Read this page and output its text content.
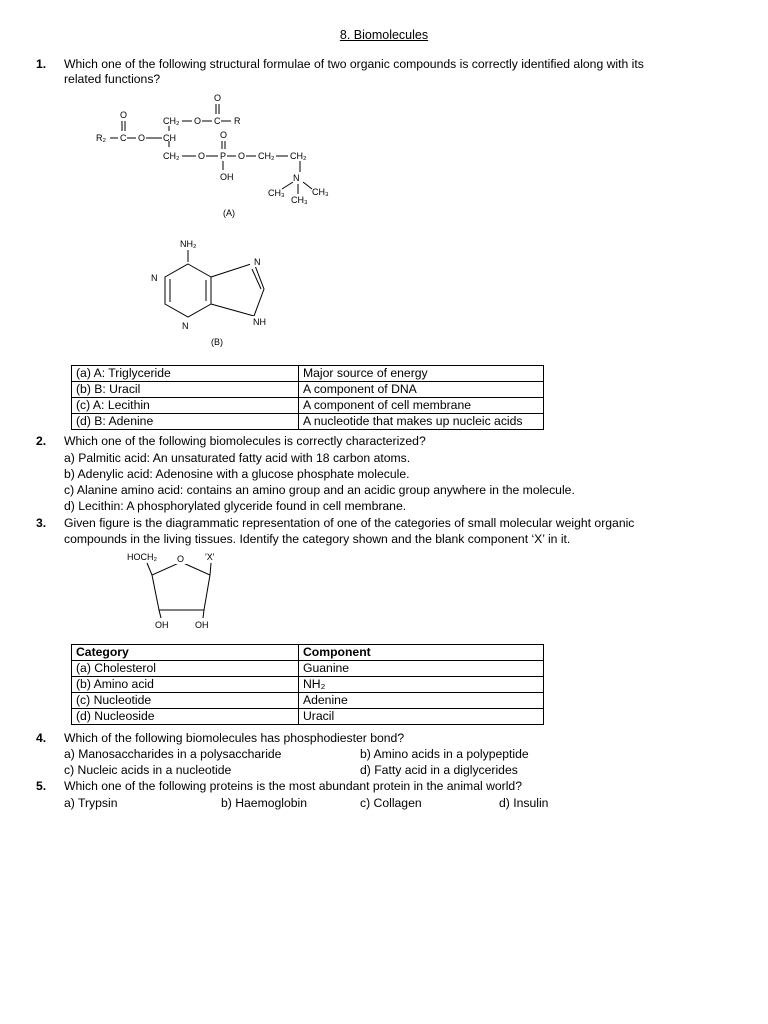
8. Biomolecules
1. Which one of the following structural formulae of two organic compounds is correctly identified along with its
related functions?
CH₂ O C R
O
R₂ C O CH
O
CH₂ O P O CH₂ CH₂
O
OH	N
CH₃
CH₃
CH₃
(A)
NH₂
N
N
N
NH
(B)
(a) A: Triglyceride	Major source of energy
(b) B: Uracil	A component of DNA
(c) A: Lecithin	A component of cell membrane
(d) B: Adenine	A nucleotide that makes up nucleic acids
2. Which one of the following biomolecules is correctly characterized?
a) Palmitic acid: An unsaturated fatty acid with 18 carbon atoms.
b) Adenylic acid: Adenosine with a glucose phosphate molecule.
c) Alanine amino acid: contains an amino group and an acidic group anywhere in the molecule.
d) Lecithin: A phosphorylated glyceride found in cell membrane.
3. Given figure is the diagrammatic representation of one of the categories of small molecular weight organic
compounds in the living tissues. Identify the category shown and the blank component ‘X’ in it.
HOCH₂	'X'
O
OH	OH
Category	Component
(a) Cholesterol	Guanine
(b) Amino acid	NH₂
(c) Nucleotide	Adenine
(d) Nucleoside	Uracil
4. Which of the following biomolecules has phosphodiester bond?
a) Manosaccharides in a polysaccharide	b) Amino acids in a polypeptide
c) Nucleic acids in a nucleotide	d) Fatty acid in a diglycerides
5. Which one of the following proteins is the most abundant protein in the animal world?
a) Trypsin	b) Haemoglobin	c) Collagen	d) Insulin
